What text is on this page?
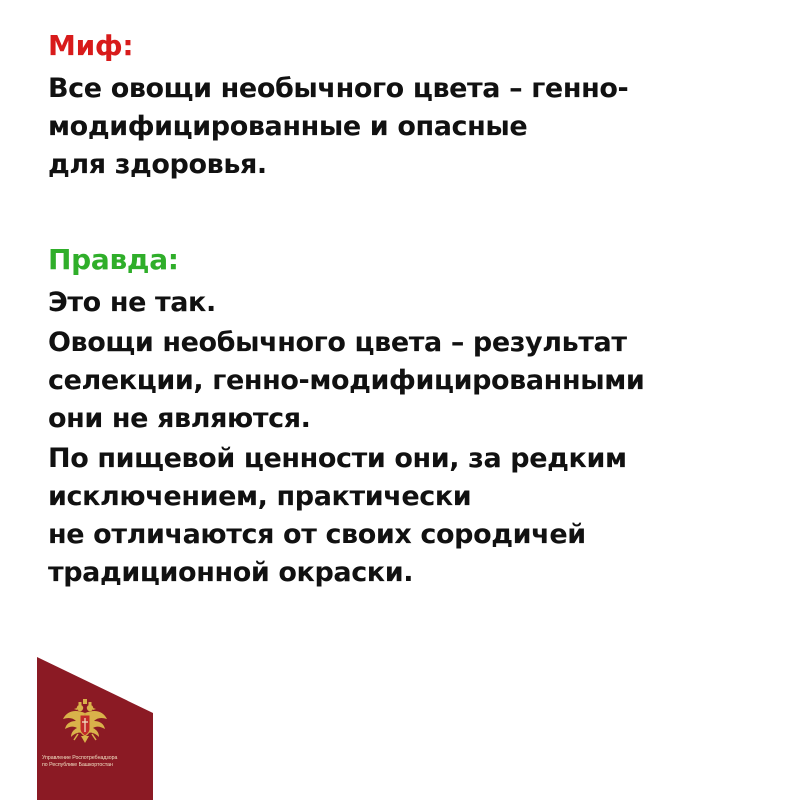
Миф:

Все овощи необычного цвета – генно-
модифицированные и опасные
для здоровья.

Правда:

Это не так.

Овощи необычного цвета – результат
селекции, генно-модифицированными
они не являются.

По пищевой ценности они, за редким
исключением, практически
не отличаются от своих сородичей
традиционной окраски.

Управление Роспотребнадзора
по Республике Башкортостан
